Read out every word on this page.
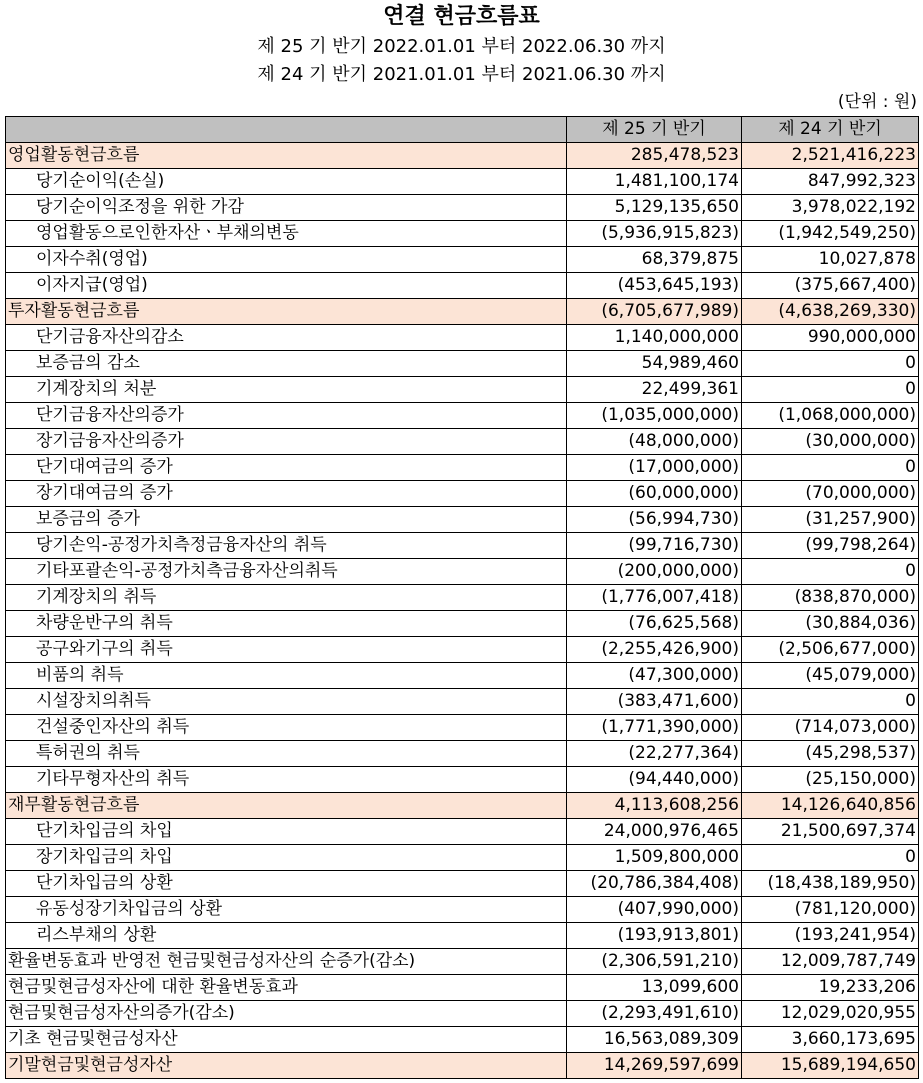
연결 현금흐름표
제 25 기 반기 2022.01.01 부터 2022.06.30 까지
제 24 기 반기 2021.01.01 부터 2021.06.30 까지
(단위 : 원)
	제 25 기 반기	제 24 기 반기
영업활동현금흐름	285,478,523	2,521,416,223
당기순이익(손실)	1,481,100,174	847,992,323
당기순이익조정을 위한 가감	5,129,135,650	3,978,022,192
영업활동으로인한자산ㆍ부채의변동	(5,936,915,823)	(1,942,549,250)
이자수취(영업)	68,379,875	10,027,878
이자지급(영업)	(453,645,193)	(375,667,400)
투자활동현금흐름	(6,705,677,989)	(4,638,269,330)
단기금융자산의감소	1,140,000,000	990,000,000
보증금의 감소	54,989,460	0
기계장치의 처분	22,499,361	0
단기금융자산의증가	(1,035,000,000)	(1,068,000,000)
장기금융자산의증가	(48,000,000)	(30,000,000)
단기대여금의 증가	(17,000,000)	0
장기대여금의 증가	(60,000,000)	(70,000,000)
보증금의 증가	(56,994,730)	(31,257,900)
당기손익-공정가치측정금융자산의 취득	(99,716,730)	(99,798,264)
기타포괄손익-공정가치측금융자산의취득	(200,000,000)	0
기계장치의 취득	(1,776,007,418)	(838,870,000)
차량운반구의 취득	(76,625,568)	(30,884,036)
공구와기구의 취득	(2,255,426,900)	(2,506,677,000)
비품의 취득	(47,300,000)	(45,079,000)
시설장치의취득	(383,471,600)	0
건설중인자산의 취득	(1,771,390,000)	(714,073,000)
특허권의 취득	(22,277,364)	(45,298,537)
기타무형자산의 취득	(94,440,000)	(25,150,000)
재무활동현금흐름	4,113,608,256	14,126,640,856
단기차입금의 차입	24,000,976,465	21,500,697,374
장기차입금의 차입	1,509,800,000	0
단기차입금의 상환	(20,786,384,408)	(18,438,189,950)
유동성장기차입금의 상환	(407,990,000)	(781,120,000)
리스부채의 상환	(193,913,801)	(193,241,954)
환율변동효과 반영전 현금및현금성자산의 순증가(감소)	(2,306,591,210)	12,009,787,749
현금및현금성자산에 대한 환율변동효과	13,099,600	19,233,206
현금및현금성자산의증가(감소)	(2,293,491,610)	12,029,020,955
기초 현금및현금성자산	16,563,089,309	3,660,173,695
기말현금및현금성자산	14,269,597,699	15,689,194,650
